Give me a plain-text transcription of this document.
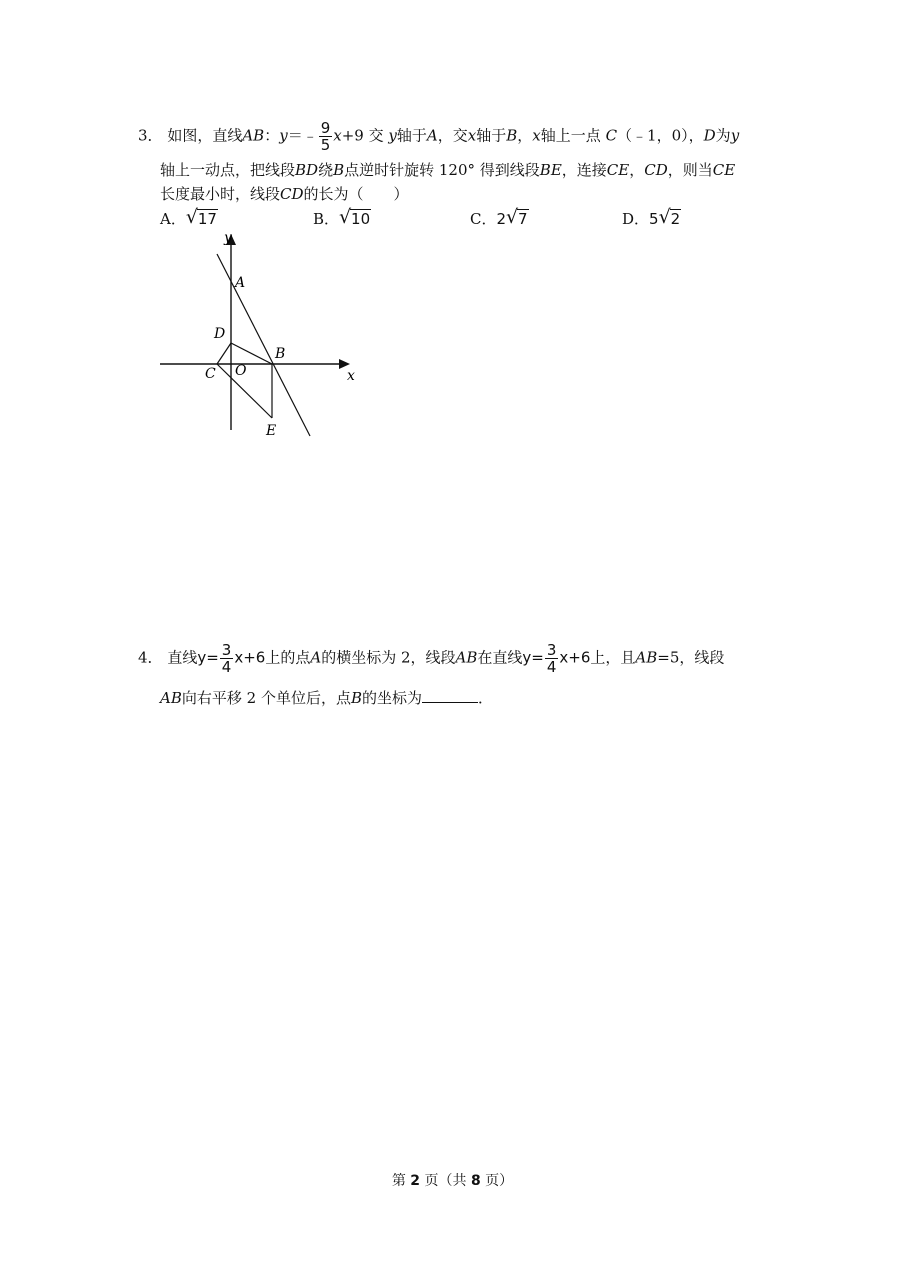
3． 如图，直线AB：y＝﹣ $\frac{9}{5} x+9$ 交 y轴于A，交x轴于B，x轴上一点 C（﹣1，0），D为y
轴上一动点，把线段BD绕B点逆时针旋转 120° 得到线段BE，连接CE，CD，则当CE
长度最小时，线段CD的长为（　　）
A． √ 17	B． √ 10	C．2 √ 7	D．5 √ 2
y
A
D
B
C O	x
E
4． 直线$y= \frac{3}{4} x+6$上的点A的横坐标为 2，线段AB在直线$y= \frac{3}{4} x+6$上，且AB=5，线段
AB向右平移 2 个单位后，点B的坐标为	．
第 2 页（共 8 页）
